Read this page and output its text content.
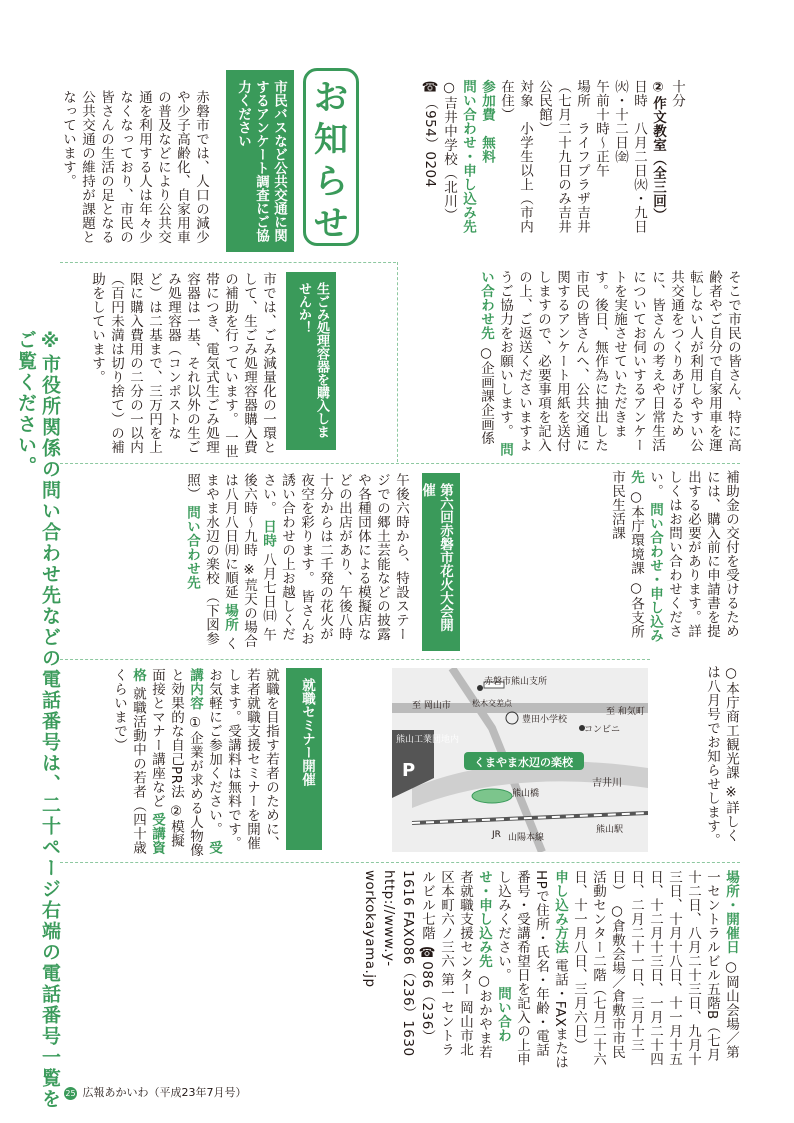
※市役所関係の問い合わせ先などの電話番号は、二十ページ右端の電話番号一覧をご覧ください。

十分
②作文教室（全三回）
日時　八月二日㈫・九日
㈫・十二日㈮
午前十時～正午
場所　ライフプラザ吉井
（七月二十九日のみ吉井
公民館）
対象　小学生以上（市内
在住）
参加費　無料
問い合わせ・申し込み先
○吉井中学校（北川）
☎（954）0204

お
知
ら
せ
市民バスなど公共交通に関するアンケート調査にご協力ください
赤磐市では、人口の減少や少子高齢化、自家用車の普及などにより公共交通を利用する人は年々少なくなっており、市民の皆さんの生活の足となる公共交通の維持が課題となっています。
そこで市民の皆さん、特に高齢者やご自分で自家用車を運転しない人が利用しやすい公共交通をつくりあげるために、皆さんの考えや日常生活についてお伺いするアンケートを実施させていただきます。後日、無作為に抽出した市民の皆さんへ、公共交通に関するアンケート用紙を送付しますので、必要事項を記入の上、ご返送くださいますようご協力をお願いします。 問い合わせ先 ○企画課企画係
生ごみ処理容器を購入しませんか！
市では、ごみ減量化の一環として、生ごみ処理容器購入費の補助を行っています。 一世帯につき、電気式生ごみ処理容器は一基、それ以外の生ごみ処理容器（コンポストなど）は二基まで、三万円を上限に購入費用の二分の一以内（百円未満は切り捨て）の補助をしています。
補助金の交付を受けるためには、購入前に申請書を提出する必要があります。詳しくはお問い合わせください。 問い合わせ・申し込み先 ○本庁環境課 ○各支所市民生活課
第六回赤磐市花火大会開催
午後六時から、特設ステージでの郷土芸能などの披露や各種団体による模擬店などの出店があり、午後八時十分からは二千発の花火が夜空を彩ります。 皆さんお誘い合わせの上お越しください。 日時 八月七日㈰ 午後六時～九時 ※荒天の場合は八月八日㈪に順延 場所 くまやま水辺の楽校 （下図参照） 問い合わせ先
○本庁商工観光課 ※詳しくは八月号でお知らせします。
赤磐市熊山支所
至 岡山市	松木交差点
豊田小学校
コンビニ
至 和気町
熊山工業団地内
P	くまやま水辺の楽校
吉井川
熊山橋
JR 山陽本線
熊山駅
就職セミナー開催
就職を目指す若者のために、若者就職支援セミナーを開催します。受講料は無料です。お気軽にご参加ください。 受講内容 ①企業が求める人物像と効果的な自己PR法 ②模擬面接とマナー講座など 受講資格 就職活動中の若者（四十歳くらいまで）
場所・開催日 ○岡山会場／第一セントラルビル五階B（七月十二日、八月二十三日、九月十三日、十月十八日、十一月十五日、十二月十三日、一月二十四日、二月二十一日、三月十三日） ○倉敷会場／倉敷市市民活動センター二階（七月二十六日、十一月八日、三月六日） 申し込み方法 電話・FAXまたはHPで住所・氏名・年齢・電話番号・受講希望日を記入の上申し込みください。 問い合わせ・申し込み先 ○おかやま若者就職支援センター 岡山市北区本町六ノ三六 第一セントラルビル七階 ☎086（236）1616 FAX086（236）1630 http://www.y-workokayama.jp
25 広報あかいわ（平成23年7月号）
